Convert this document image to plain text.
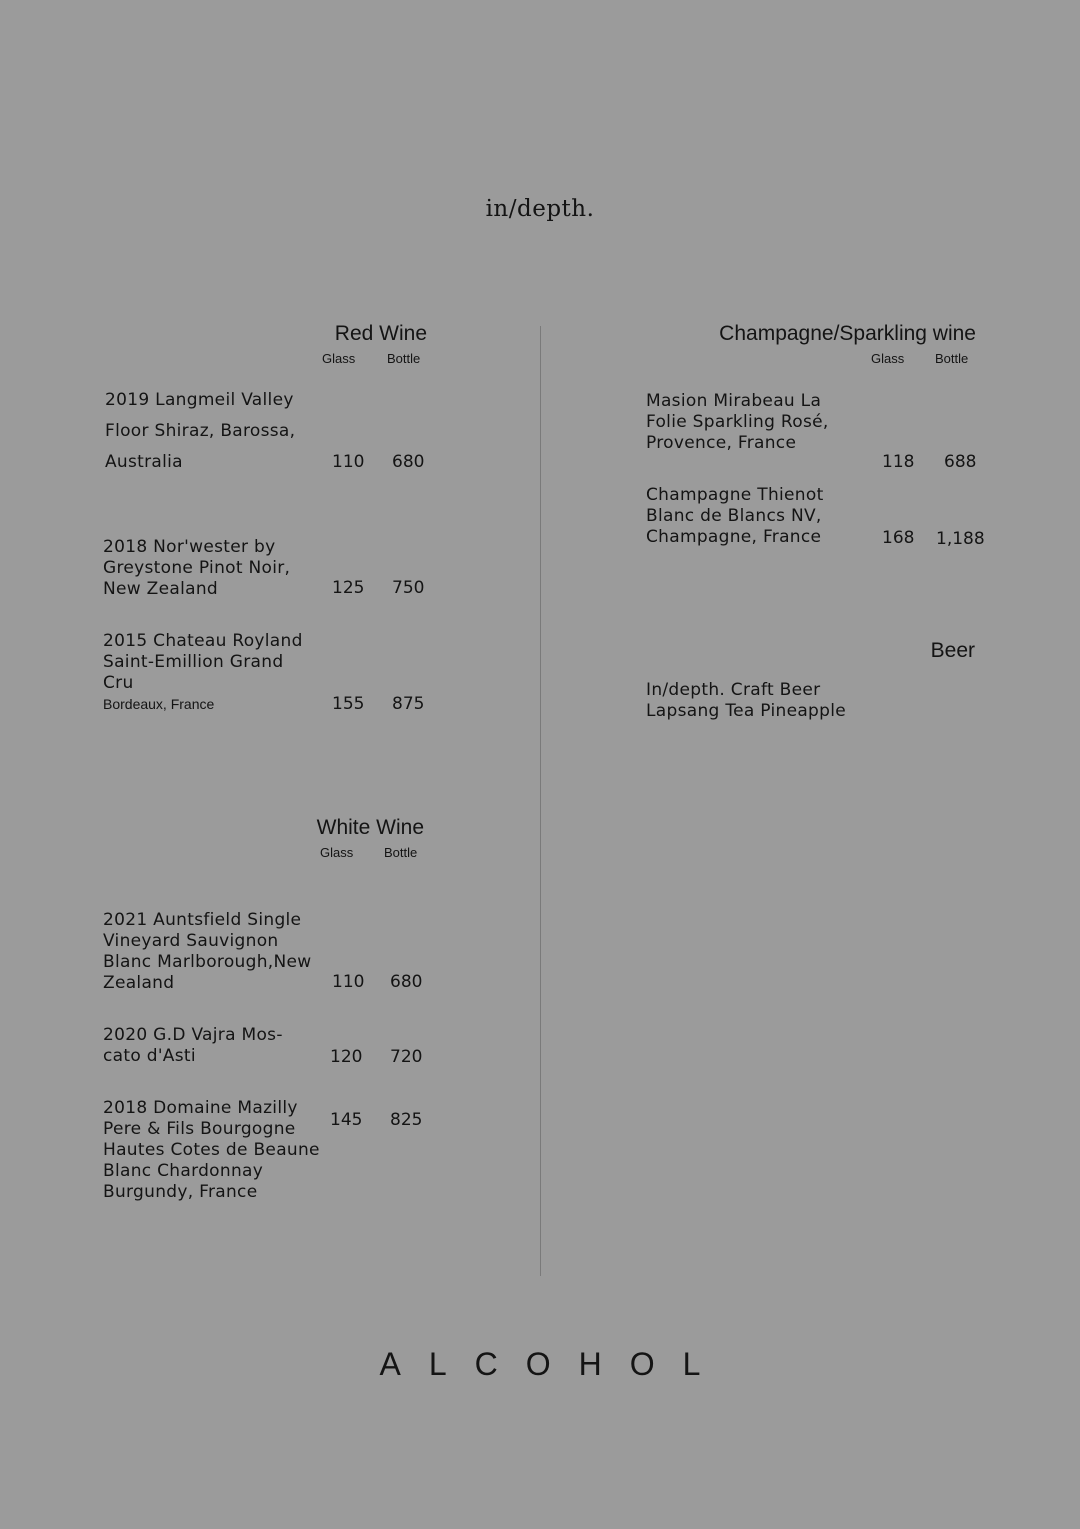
in/depth.
Red Wine
Glass Bottle
2019 Langmeil Valley
Floor Shiraz, Barossa,
Australia	110 680
2018 Nor'wester by
Greystone Pinot Noir,
New Zealand	125 750
2015 Chateau Royland
Saint-Emillion Grand
Cru
Bordeaux, France	155 875
White Wine
Glass Bottle
2021 Auntsfield Single
Vineyard Sauvignon
Blanc Marlborough,New
Zealand	110 680
2020 G.D Vajra Mos-
cato d'Asti	120 720
2018 Domaine Mazilly
Pere & Fils Bourgogne
Hautes Cotes de Beaune
Blanc Chardonnay
Burgundy, France
145 825
Champagne/Sparkling wine
Glass Bottle
Masion Mirabeau La
Folie Sparkling Rosé,
Provence, France
118 688
Champagne Thienot
Blanc de Blancs NV,
Champagne, France	168 1,188
Beer
In/depth. Craft Beer
Lapsang Tea Pineapple
ALCOHOL
